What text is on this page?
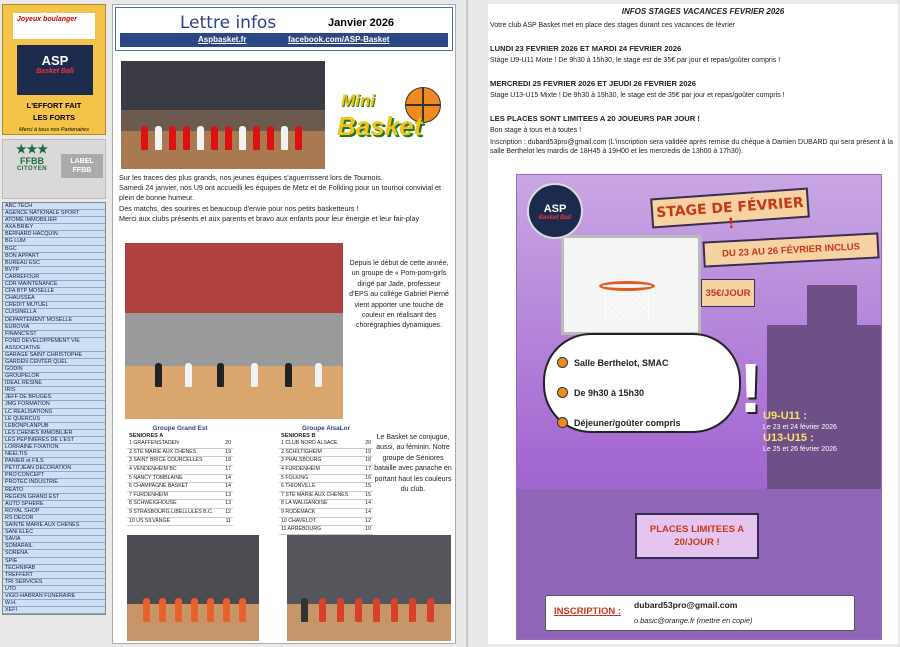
Joyeux boulanger
ASP
Basket Ball
L'EFFORT FAIT
LES FORTS
Merci à tous nos Partenaires
★★★
FFBB
CITOYEN
LABEL FFBB
ABC TECH
AGENCE NATIONALE SPORT
ATOME IMMOBILIER
AXA BRIEY
BERNARD HACQUIN
BG LUM
BGC
BON APPART
BUREAU ESC
BVTP
CARREFOUR
CDR MAINTENANCE
CFA BTP MOSELLE
CHAUSSEA
CREDIT MUTUEL
CUISINELLA
DEPARTEMENT MOSELLE
EUROVIA
FINANC'EST
FOND DEVELOPPEMENT VIE ASSOCIATIVE
GARAGE SAINT CHRISTOPHE
GARDEN CENTER QUEL
GODIN
GROUPELOR
IDEAL RESINE
IRIS
JEFF DE BRUGES
JMG FORMATION
LC REALISATIONS
LE QUERCUS
LEBONPLANPUB
LES CHENES IMMOBILIER
LES PEPINIERES DE L'EST
LORRAINE FIXATION
NEELTIS
PANIER et FILS
PETITJEAN DECORATION
PRO'CONCEPT
PROTEC INDUSTRIE
REATO
REGION GRAND EST
AUTO SPHERE
ROYAL SHOP
RS DECOR
SAINTE MARIE AUX CHENES
SANI ELEC
SAVIA
SOMARAIL
SORENA
SPIE
TECHNIFAB
TREFFERT
TRI SERVICES
UTD
VIGO-HABRAN FUNERAIRE
W.H.
XEFI
Lettre infos	Janvier 2026
Aspbasket.fr	facebook.com/ASP-Basket
Mini
Basket
Sur les traces des plus grands, nos jeunes équipes s'aguerrissent lors de Tournois.
Samedi 24 janvier, nos U9 ont accueilli les équipes de Metz et de Folkling pour un tournoi convivial et plein de bonne humeur.
Des matchs, des sourires et beaucoup d'envie pour nos petits basketteurs !
Merci aux clubs présents et aux parents et bravo aux enfants pour leur énergie et leur fair-play
Depuis le début de cette année, un groupe de « Pom-pom-girls dirigé par Jade, professeur d'EPS au collège Gabriel Pierné vient apporter une touche de couleur en réalisant des chorégraphies dynamiques.
Groupe Grand Est
SENIORES A
1 GRAFFENSTADEN	20
2 STE MARIE AUX CHENES	19
3 SAINT BRICE COURCELLES	18
4 VENDENHEIM BC	17
5 NANCY TOMBLAINE	14
6 CHAMPAGNE BASKET	14
7 FURDENHEIM	13
8 SCHWEIGHOUSE	13
9 STRASBOURG LIBELLULES B.C. 12
10 US SILVANGE	11
Groupe AlsaLor
SENIORES B
1 CLUB NORD ALSACE	20
2 SCHILTIGHEIM	19
3 PHALSBOURG	18
4 FURDENHEIM	17
5 FOLKING	16
6 THIONVILLE	15
7 STE MARIE AUX CHENES	15
8 LA WALGANOISE	14
9 RODEMACK	14
10 CHAVELOT	12
11 ARREBOURG	10
Le Basket se conjugue, aussi, au féminin. Notre groupe de Séniores bataille avec panache en portant haut les couleurs du club.
INFOS STAGES VACANCES FEVRIER 2026
Votre club ASP Basket met en place des stages durant ces vacances de février
LUNDI 23 FEVRIER 2026 ET MARDI 24 FEVRIER 2026
Stage U9-U11 Mixte ! De 9h30 à 15h30, le stage est de 35€ par jour et repas/goûter compris !
MERCREDI 25 FEVRIER 2026 ET JEUDI 26 FEVRIER 2026
Stage U13-U15 Mixte ! De 9h30 à 15h30, le stage est de 35€ par jour et repas/goûter compris !
LES PLACES SONT LIMITEES A 20 JOUEURS PAR JOUR !
Bon stage à tous et à toutes !
Inscription : dubard53pro@gmail.com (L'inscription sera validée après remise du chèque à Damien DUBARD qui sera présent à la salle Berthelot les mardis de 18H45 à 19H00 et les mercredis de 13h00 à 17h30).
ASP
Basket Ball	STAGE DE FÉVRIER !
DU 23 AU 26 FÉVRIER INCLUS
35€/JOUR
Salle Berthelot, SMAC
De 9h30 à 15h30
Déjeuner/goûter compris ! U9-U11 :
Le 23 et 24 février 2026
U13-U15 :
Le 25 et 26 février 2026
PLACES LIMITEES A 20/JOUR !
INSCRIPTION :
dubard53pro@gmail.com
o.basic@orange.fr (mettre en copie)
